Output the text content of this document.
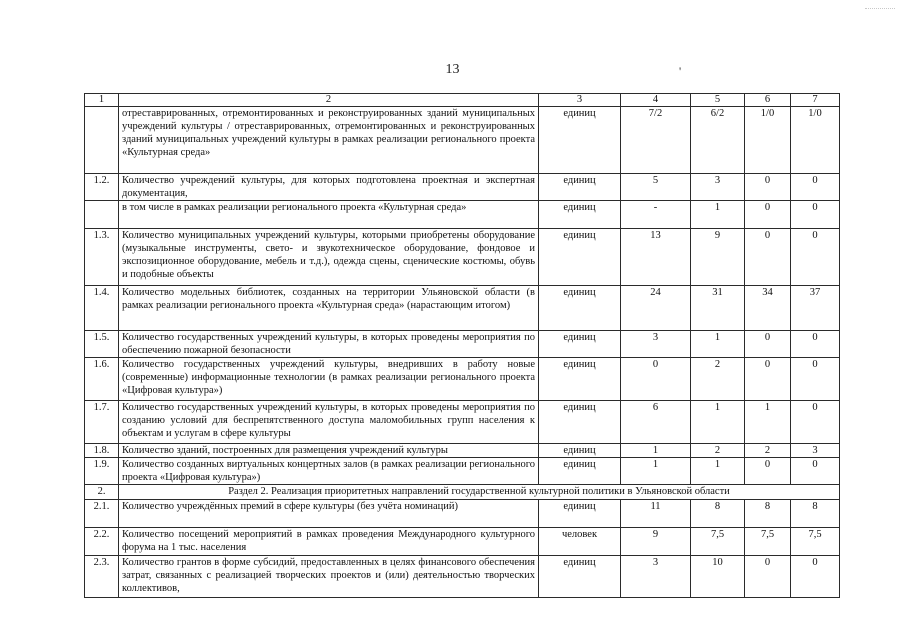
13	'
1	2	3	4	5	6	7
	отреставрированных, отремонтированных и реконструированных зданий муниципальных учреждений культуры / отреставрированных, отремонтированных и реконструированных зданий муниципальных учреждений культуры в рамках реализации регионального проекта «Культурная среда»	единиц	7/2	6/2	1/0	1/0
1.2.	Количество учреждений культуры, для которых подготовлена проектная и экспертная документация,	единиц	5	3	0	0
	в том числе в рамках реализации регионального проекта «Культурная среда»	единиц	-	1	0	0
1.3.	Количество муниципальных учреждений культуры, которыми приобретены оборудование (музыкальные инструменты, свето- и звукотехническое оборудование, фондовое и экспозиционное оборудование, мебель и т.д.), одежда сцены, сценические костюмы, обувь и подобные объекты	единиц	13	9	0	0
1.4.	Количество модельных библиотек, созданных на территории Ульяновской области (в рамках реализации регионального проекта «Культурная среда» (нарастающим итогом)	единиц	24	31	34	37
1.5.	Количество государственных учреждений культуры, в которых проведены мероприятия по обеспечению пожарной безопасности	единиц	3	1	0	0
1.6.	Количество государственных учреждений культуры, внедривших в работу новые (современные) информационные технологии (в рамках реализации регионального проекта «Цифровая культура»)	единиц	0	2	0	0
1.7.	Количество государственных учреждений культуры, в которых проведены мероприятия по созданию условий для беспрепятственного доступа маломобильных групп населения к объектам и услугам в сфере культуры	единиц	6	1	1	0
1.8.	Количество зданий, построенных для размещения учреждений культуры	единиц	1	2	2	3
1.9.	Количество созданных виртуальных концертных залов (в рамках реализации регионального проекта «Цифровая культура»)	единиц	1	1	0	0
2.	Раздел 2. Реализация приоритетных направлений государственной культурной политики в Ульяновской области					
2.1.	Количество учреждённых премий в сфере культуры (без учёта номинаций)	единиц	11	8	8	8
2.2.	Количество посещений мероприятий в рамках проведения Международного культурного форума на 1 тыс. населения	человек	9	7,5	7,5	7,5
2.3.	Количество грантов в форме субсидий, предоставленных в целях финансового обеспечения затрат, связанных с реализацией творческих проектов и (или) деятельностью творческих коллективов,	единиц	3	10	0	0
